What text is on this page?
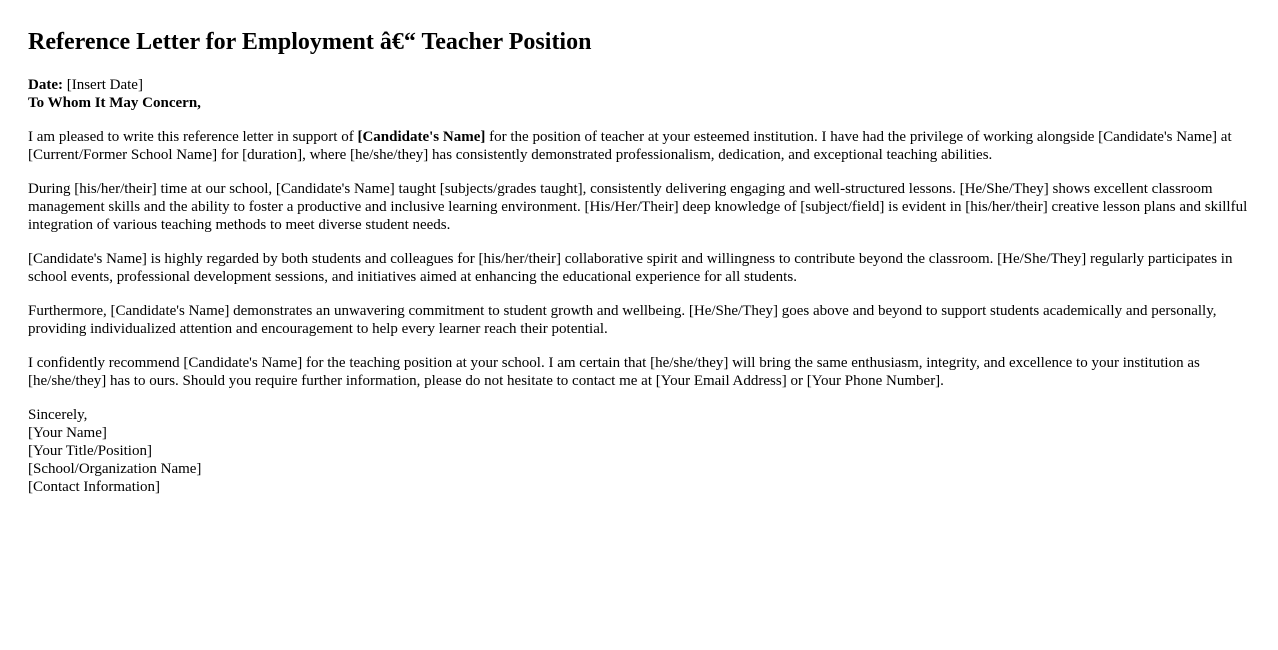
Reference Letter for Employment â€“ Teacher Position
Date: [Insert Date]
To Whom It May Concern,

I am pleased to write this reference letter in support of [Candidate's Name] for the position of teacher at your esteemed institution. I have had the privilege of working alongside [Candidate's Name] at [Current/Former School Name] for [duration], where [he/she/they] has consistently demonstrated professionalism, dedication, and exceptional teaching abilities.

During [his/her/their] time at our school, [Candidate's Name] taught [subjects/grades taught], consistently delivering engaging and well-structured lessons. [He/She/They] shows excellent classroom management skills and the ability to foster a productive and inclusive learning environment. [His/Her/Their] deep knowledge of [subject/field] is evident in [his/her/their] creative lesson plans and skillful integration of various teaching methods to meet diverse student needs.

[Candidate's Name] is highly regarded by both students and colleagues for [his/her/their] collaborative spirit and willingness to contribute beyond the classroom. [He/She/They] regularly participates in school events, professional development sessions, and initiatives aimed at enhancing the educational experience for all students.

Furthermore, [Candidate's Name] demonstrates an unwavering commitment to student growth and wellbeing. [He/She/They] goes above and beyond to support students academically and personally, providing individualized attention and encouragement to help every learner reach their potential.

I confidently recommend [Candidate's Name] for the teaching position at your school. I am certain that [he/she/they] will bring the same enthusiasm, integrity, and excellence to your institution as [he/she/they] has to ours. Should you require further information, please do not hesitate to contact me at [Your Email Address] or [Your Phone Number].

Sincerely,
[Your Name]
[Your Title/Position]
[School/Organization Name]
[Contact Information]
